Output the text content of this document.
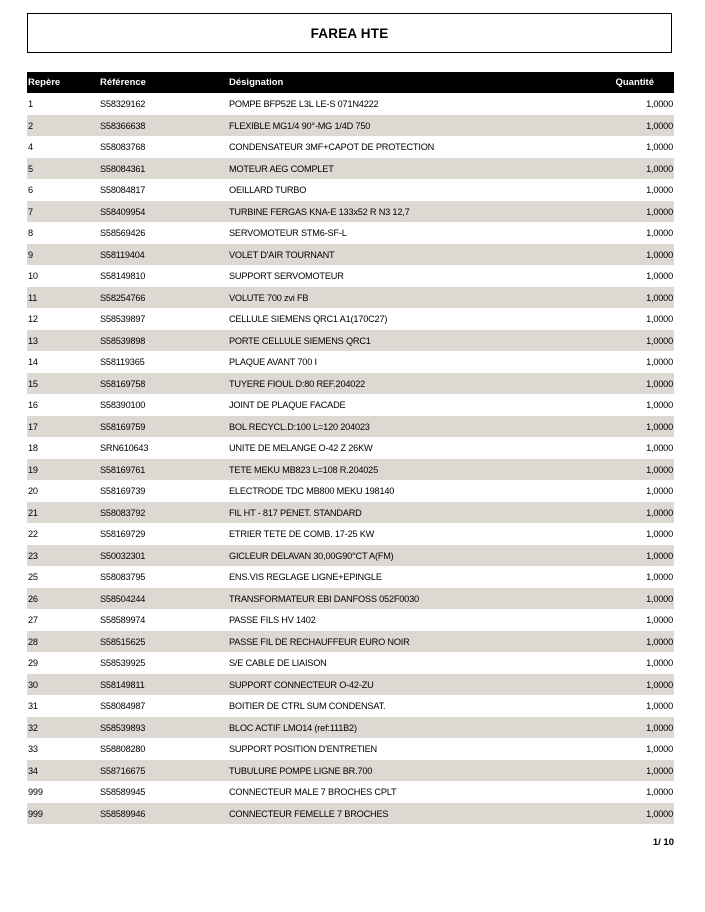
FAREA HTE
Repère	Référence	Désignation	Quantité
1	S58329162	POMPE BFP52E L3L LE-S 071N4222	1,0000
2	S58366638	FLEXIBLE MG1/4 90°-MG 1/4D 750	1,0000
4	S58083768	CONDENSATEUR 3MF+CAPOT DE PROTECTION	1,0000
5	S58084361	MOTEUR AEG COMPLET	1,0000
6	S58084817	OEILLARD TURBO	1,0000
7	S58409954	TURBINE FERGAS KNA-E 133x52 R N3 12,7	1,0000
8	S58569426	SERVOMOTEUR STM6-SF-L	1,0000
9	S58119404	VOLET D'AIR TOURNANT	1,0000
10	S58149810	SUPPORT SERVOMOTEUR	1,0000
11	S58254766	VOLUTE 700 zvi FB	1,0000
12	S58539897	CELLULE SIEMENS QRC1 A1(170C27)	1,0000
13	S58539898	PORTE CELLULE SIEMENS QRC1	1,0000
14	S58119365	PLAQUE AVANT 700 I	1,0000
15	S58169758	TUYERE FIOUL D:80 REF.204022	1,0000
16	S58390100	JOINT DE PLAQUE FACADE	1,0000
17	S58169759	BOL RECYCL.D:100 L=120 204023	1,0000
18	SRN610643	UNITE DE MELANGE O-42 Z 26KW	1,0000
19	S58169761	TETE MEKU MB823 L=108 R.204025	1,0000
20	S58169739	ELECTRODE TDC MB800 MEKU 198140	1,0000
21	S58083792	FIL HT - 817 PENET. STANDARD	1,0000
22	S58169729	ETRIER TETE DE COMB. 17-25 KW	1,0000
23	S50032301	GICLEUR DELAVAN 30,00G90°CT A(FM)	1,0000
25	S58083795	ENS.VIS REGLAGE LIGNE+EPINGLE	1,0000
26	S58504244	TRANSFORMATEUR EBI DANFOSS 052F0030	1,0000
27	S58589974	PASSE FILS HV 1402	1,0000
28	S58515625	PASSE FIL DE RECHAUFFEUR EURO NOIR	1,0000
29	S58539925	S/E CABLE DE LIAISON	1,0000
30	S58149811	SUPPORT CONNECTEUR O-42-ZU	1,0000
31	S58084987	BOITIER DE CTRL SUM CONDENSAT.	1,0000
32	S58539893	BLOC ACTIF LMO14 (ref:111B2)	1,0000
33	S58808280	SUPPORT POSITION D'ENTRETIEN	1,0000
34	S58716675	TUBULURE POMPE LIGNE BR.700	1,0000
999	S58589945	CONNECTEUR MALE 7 BROCHES CPLT	1,0000
999	S58589946	CONNECTEUR FEMELLE 7 BROCHES	1,0000
1/ 10
